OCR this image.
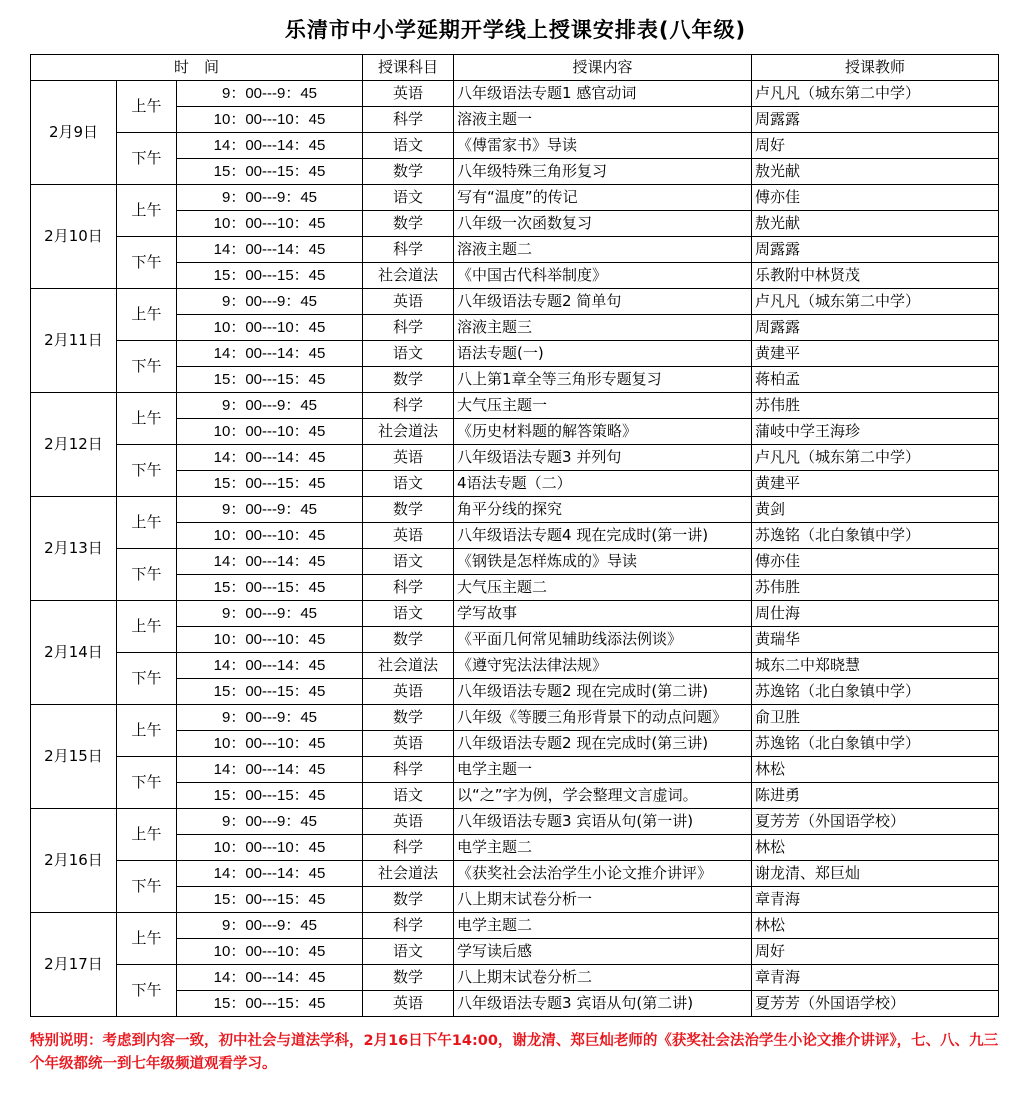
乐清市中小学延期开学线上授课安排表(八年级)
时　间			授课科目	授课内容	授课教师
2月9日	上午	9：00---9：45	英语	八年级语法专题1 感官动词	卢凡凡（城东第二中学）
		10：00---10：45	科学	溶液主题一	周露露
	下午	14：00---14：45	语文	《傅雷家书》导读	周好
		15：00---15：45	数学	八年级特殊三角形复习	敖光献
2月10日	上午	9：00---9：45	语文	写有“温度”的传记	傅亦佳
		10：00---10：45	数学	八年级一次函数复习	敖光献
	下午	14：00---14：45	科学	溶液主题二	周露露
		15：00---15：45	社会道法	《中国古代科举制度》	乐教附中林贤茂
2月11日	上午	9：00---9：45	英语	八年级语法专题2 简单句	卢凡凡（城东第二中学）
		10：00---10：45	科学	溶液主题三	周露露
	下午	14：00---14：45	语文	语法专题(一)	黄建平
		15：00---15：45	数学	八上第1章全等三角形专题复习	蒋柏孟
2月12日	上午	9：00---9：45	科学	大气压主题一	苏伟胜
		10：00---10：45	社会道法	《历史材料题的解答策略》	蒲岐中学王海珍
	下午	14：00---14：45	英语	八年级语法专题3 并列句	卢凡凡（城东第二中学）
		15：00---15：45	语文	4语法专题（二）	黄建平
2月13日	上午	9：00---9：45	数学	角平分线的探究	黄剑
		10：00---10：45	英语	八年级语法专题4 现在完成时(第一讲)	苏逸铭（北白象镇中学）
	下午	14：00---14：45	语文	《钢铁是怎样炼成的》导读	傅亦佳
		15：00---15：45	科学	大气压主题二	苏伟胜
2月14日	上午	9：00---9：45	语文	学写故事	周仕海
		10：00---10：45	数学	《平面几何常见辅助线添法例谈》	黄瑞华
	下午	14：00---14：45	社会道法	《遵守宪法法律法规》	城东二中郑晓慧
		15：00---15：45	英语	八年级语法专题2 现在完成时(第二讲)	苏逸铭（北白象镇中学）
2月15日	上午	9：00---9：45	数学	八年级《等腰三角形背景下的动点问题》	俞卫胜
		10：00---10：45	英语	八年级语法专题2 现在完成时(第三讲)	苏逸铭（北白象镇中学）
	下午	14：00---14：45	科学	电学主题一	林松
		15：00---15：45	语文	以“之”字为例，学会整理文言虚词。	陈进勇
2月16日	上午	9：00---9：45	英语	八年级语法专题3 宾语从句(第一讲)	夏芳芳（外国语学校）
		10：00---10：45	科学	电学主题二	林松
	下午	14：00---14：45	社会道法	《获奖社会法治学生小论文推介讲评》	谢龙清、郑巨灿
		15：00---15：45	数学	八上期末试卷分析一	章青海
2月17日	上午	9：00---9：45	科学	电学主题二	林松
		10：00---10：45	语文	学写读后感	周好
	下午	14：00---14：45	数学	八上期末试卷分析二	章青海
		15：00---15：45	英语	八年级语法专题3 宾语从句(第二讲)	夏芳芳（外国语学校）
特别说明：考虑到内容一致，初中社会与道法学科，2月16日下午14:00，谢龙清、郑巨灿老师的《获奖社会法治学生小论文推介讲评》，七、八、九三个年级都统一到七年级频道观看学习。
